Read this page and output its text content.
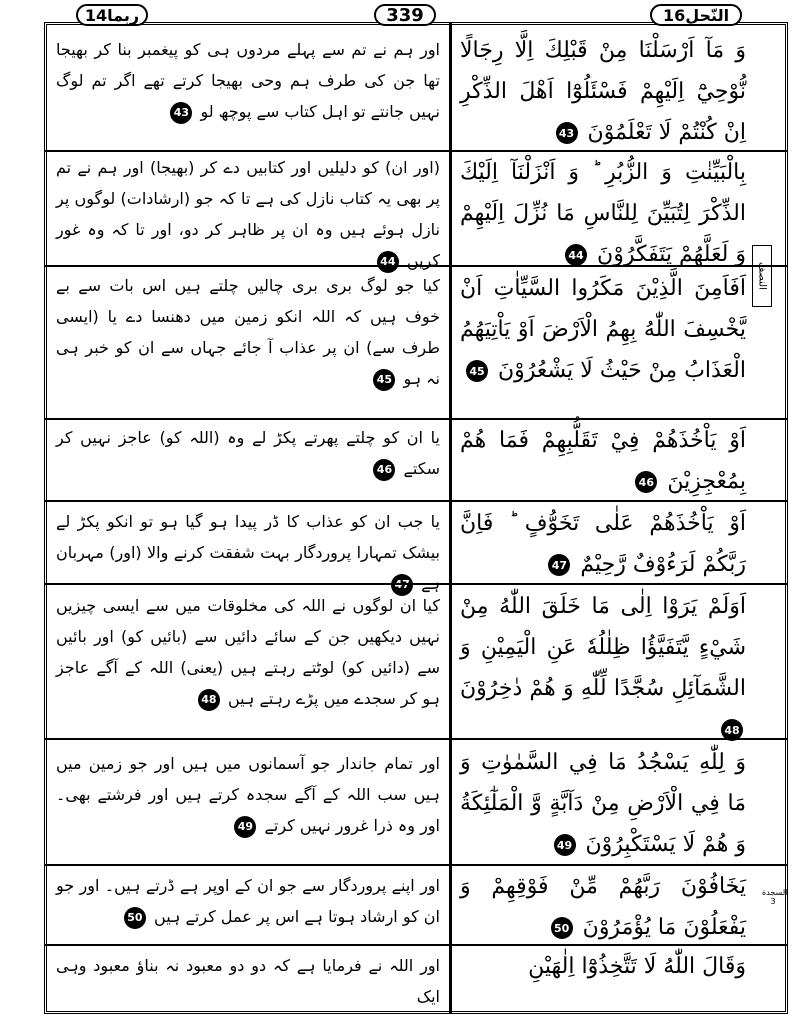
النّحل16
339
ربما14
النصف
السجدة 3
وَ مَآ اَرْسَلْنَا مِنْ قَبْلِكَ اِلَّا رِجَالًا نُّوْحِيْٓ اِلَيْهِمْ فَسْئَلُوْٓا اَهْلَ الذِّكْرِ اِنْ كُنْتُمْ لَا تَعْلَمُوْنَ 43
اور ہم نے تم سے پہلے مردوں ہی کو پیغمبر بنا کر بھیجا تھا جن کی طرف ہم وحی بھیجا کرتے تھے اگر تم لوگ نہیں جانتے تو اہل کتاب سے پوچھ لو 43
بِالْبَيِّنٰتِ وَ الزُّبُرِ ؕ وَ اَنْزَلْنَآ اِلَيْكَ الذِّكْرَ لِتُبَيِّنَ لِلنَّاسِ مَا نُزِّلَ اِلَيْهِمْ وَ لَعَلَّهُمْ يَتَفَكَّرُوْنَ 44
(اور ان) کو دلیلیں اور کتابیں دے کر (بھیجا) اور ہم نے تم پر بھی یہ کتاب نازل کی ہے تا کہ جو (ارشادات) لوگوں پر نازل ہوئے ہیں وہ ان پر ظاہر کر دو، اور تا کہ وہ غور کریں 44
اَفَاَمِنَ الَّذِيْنَ مَكَرُوا السَّيِّاٰتِ اَنْ يَّخْسِفَ اللّٰهُ بِهِمُ الْاَرْضَ اَوْ يَاْتِيَهُمُ الْعَذَابُ مِنْ حَيْثُ لَا يَشْعُرُوْنَ 45
کیا جو لوگ بری بری چالیں چلتے ہیں اس بات سے بے خوف ہیں کہ اللہ انکو زمین میں دھنسا دے یا (ایسی طرف سے) ان پر عذاب آ جائے جہاں سے ان کو خبر ہی نہ ہو 45
اَوْ يَاْخُذَهُمْ فِيْ تَقَلُّبِهِمْ فَمَا هُمْ بِمُعْجِزِيْنَ 46
یا ان کو چلتے پھرتے پکڑ لے وہ (اللہ کو) عاجز نہیں کر سکتے 46
اَوْ يَاْخُذَهُمْ عَلٰى تَخَوُّفٍ ؕ فَاِنَّ رَبَّكُمْ لَرَءُوْفٌ رَّحِيْمٌ 47
یا جب ان کو عذاب کا ڈر پیدا ہو گیا ہو تو انکو پکڑ لے بیشک تمہارا پروردگار بہت شفقت کرنے والا (اور) مہربان ہے 47
اَوَلَمْ يَرَوْا اِلٰى مَا خَلَقَ اللّٰهُ مِنْ شَيْءٍ يَّتَفَيَّؤُا ظِلٰلُهٗ عَنِ الْيَمِيْنِ وَ الشَّمَآئِلِ سُجَّدًا لِّلّٰهِ وَ هُمْ دٰخِرُوْنَ 48
کیا ان لوگوں نے اللہ کی مخلوقات میں سے ایسی چیزیں نہیں دیکھیں جن کے سائے دائیں سے (بائیں کو) اور بائیں سے (دائیں کو) لوٹتے رہتے ہیں (یعنی) اللہ کے آگے عاجز ہو کر سجدے میں پڑے رہتے ہیں 48
وَ لِلّٰهِ يَسْجُدُ مَا فِي السَّمٰوٰتِ وَ مَا فِي الْاَرْضِ مِنْ دَآبَّةٍ وَّ الْمَلٰٓئِكَةُ وَ هُمْ لَا يَسْتَكْبِرُوْنَ 49
اور تمام جاندار جو آسمانوں میں ہیں اور جو زمین میں ہیں سب اللہ کے آگے سجدہ کرتے ہیں اور فرشتے بھی۔ اور وہ ذرا غرور نہیں کرتے 49
يَخَافُوْنَ رَبَّهُمْ مِّنْ فَوْقِهِمْ وَ يَفْعَلُوْنَ مَا يُؤْمَرُوْنَ 50
اور اپنے پروردگار سے جو ان کے اوپر ہے ڈرتے ہیں۔ اور جو ان کو ارشاد ہوتا ہے اس پر عمل کرتے ہیں 50
وَقَالَ اللّٰهُ لَا تَتَّخِذُوْٓا اِلٰهَيْنِ
اور اللہ نے فرمایا ہے کہ دو دو معبود نہ بناؤ معبود وہی ایک
